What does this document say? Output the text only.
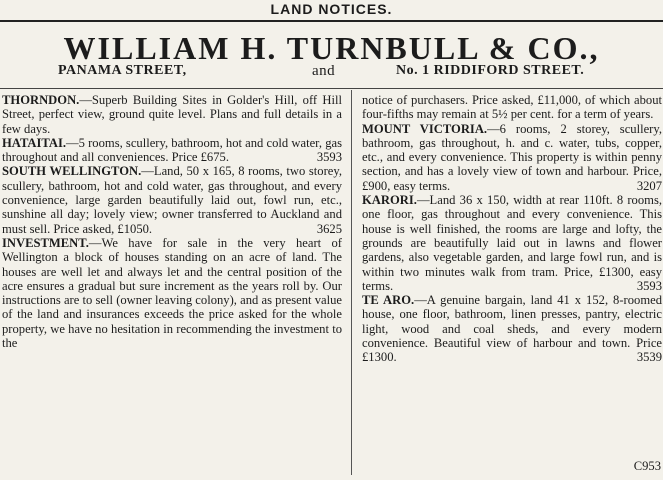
LAND NOTICES.
WILLIAM H. TURNBULL & CO.,
PANAMA STREET,	and	No. 1 RIDDIFORD STREET.
THORNDON.—Superb Building Sites in Golder's Hill, off Hill Street, perfect view, ground quite level. Plans and full details in a few days.
HATAITAI.—5 rooms, scullery, bathroom, hot and cold water, gas throughout and all conveniences. Price £675.	3593
SOUTH WELLINGTON.—Land, 50 x 165, 8 rooms, two storey, scullery, bathroom, hot and cold water, gas throughout, and every convenience, large garden beautifully laid out, fowl run, etc., sunshine all day; lovely view; owner transferred to Auckland and must sell. Price asked, £1050.	3625
INVESTMENT.—We have for sale in the very heart of Wellington a block of houses standing on an acre of land. The houses are well let and always let and the central position of the acre ensures a gradual but sure increment as the years roll by. Our instructions are to sell (owner leaving colony), and as present value of the land and insurances exceeds the price asked for the whole property, we have no hesitation in recommending the investment to the
notice of purchasers. Price asked, £11,000, of which about four-fifths may remain at 5½ per cent. for a term of years.
MOUNT VICTORIA.—6 rooms, 2 storey, scullery, bathroom, gas throughout, h. and c. water, tubs, copper, etc., and every convenience. This property is within penny section, and has a lovely view of town and harbour. Price, £900, easy terms.	3207
KARORI.—Land 36 x 150, width at rear 110ft. 8 rooms, one floor, gas throughout and every convenience. This house is well finished, the rooms are large and lofty, the grounds are beautifully laid out in lawns and flower gardens, also vegetable garden, and large fowl run, and is within two minutes walk from tram. Price, £1300, easy terms.	3593
TE ARO.—A genuine bargain, land 41 x 152, 8-roomed house, one floor, bathroom, linen presses, pantry, electric light, wood and coal sheds, and every modern convenience. Beautiful view of harbour and town. Price £1300.	3539
C953
